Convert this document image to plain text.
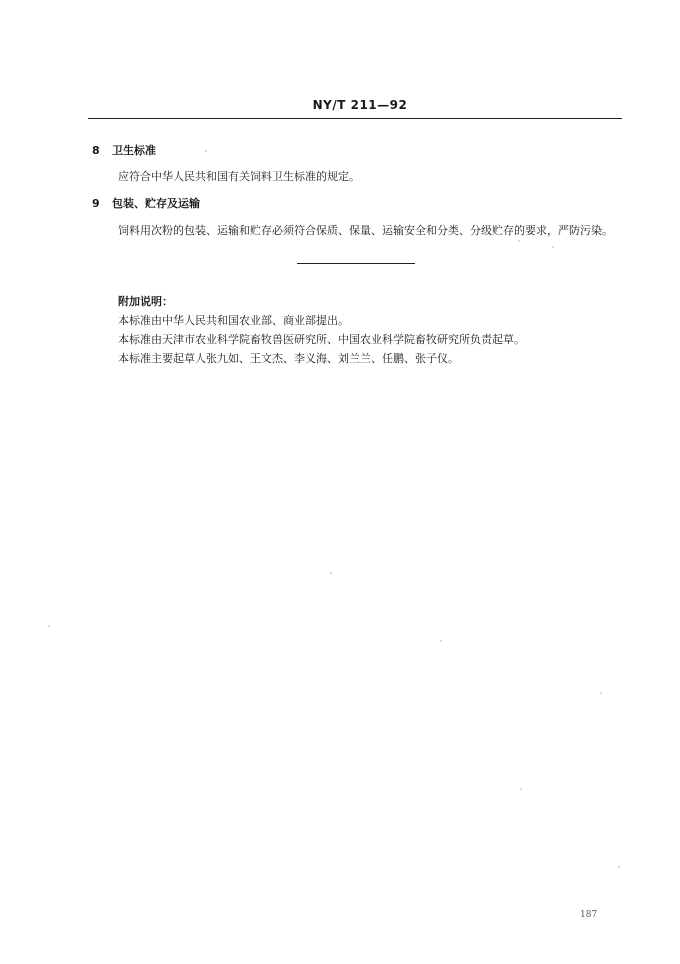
NY/T 211—92
8 卫生标准
应符合中华人民共和国有关饲料卫生标准的规定。
9 包装、贮存及运输
饲料用次粉的包装、运输和贮存必须符合保质、保量、运输安全和分类、分级贮存的要求，严防污染。
附加说明：
本标准由中华人民共和国农业部、商业部提出。
本标准由天津市农业科学院畜牧兽医研究所、中国农业科学院畜牧研究所负责起草。
本标准主要起草人张九如、王文杰、李义海、刘兰兰、任鹏、张子仪。
187
